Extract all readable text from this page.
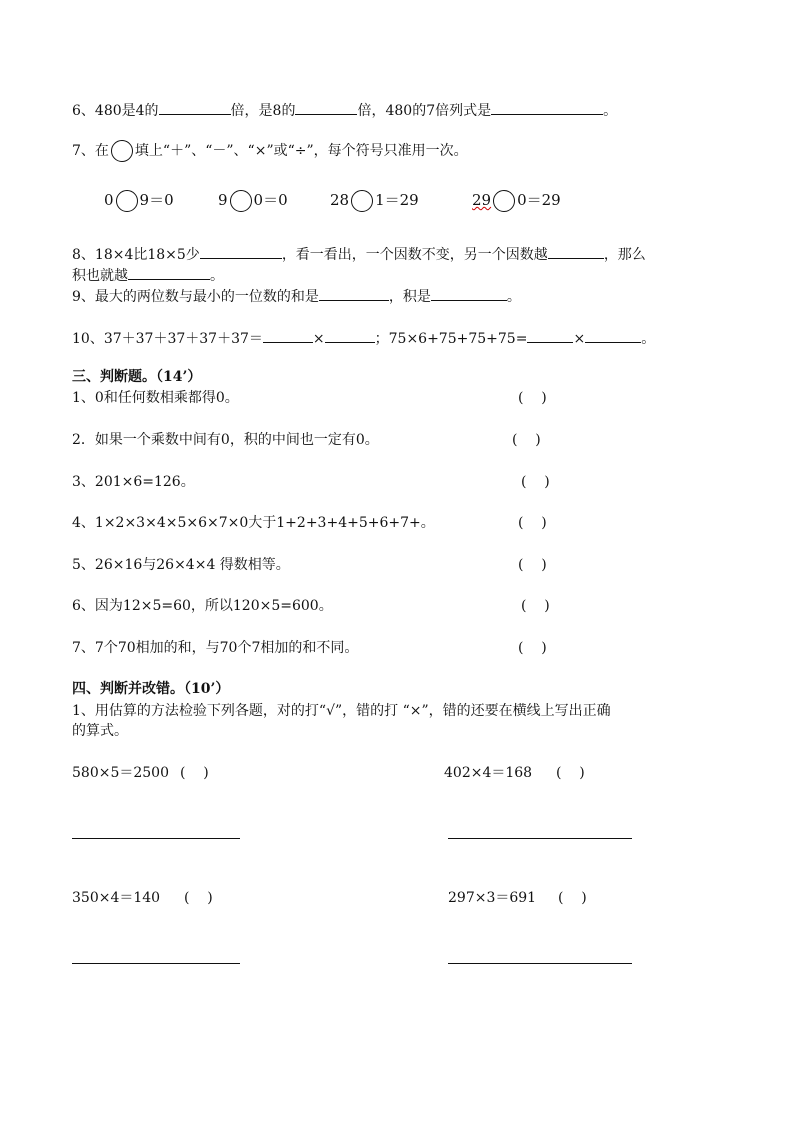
6、480是4的	倍，是8的	倍，480的7倍列式是	。
7、在 填上“＋”、“－”、“×”或“÷”，每个符号只准用一次。
0 9＝0	9 0＝0	28 1＝29	29 0＝29
8、18×4比18×5少	，看一看出，一个因数不变，另一个因数越	，那么
积也就越	。
9、最大的两位数与最小的一位数的和是	，积是	。
10、37＋37＋37＋37＋37＝	×	；75×6+75+75+75=	×	。
三、判断题。（14’）
1、0和任何数相乘都得0。	(    )
2．如果一个乘数中间有0，积的中间也一定有0。	(    )
3、201×6=126。	(    )
4、1×2×3×4×5×6×7×0大于1+2+3+4+5+6+7+。	(    )
5、26×16与26×4×4 得数相等。	(    )
6、因为12×5=60，所以120×5=600。	(    )
7、7个70相加的和，与70个7相加的和不同。	(    )
四、判断并改错。（10’）
1、用估算的方法检验下列各题，对的打“√”，错的打 “×”，错的还要在横线上写出正确
的算式。
580×5＝2500 (    )	402×4＝168 (    )
350×4＝140 (    )	297×3＝691 (    )
